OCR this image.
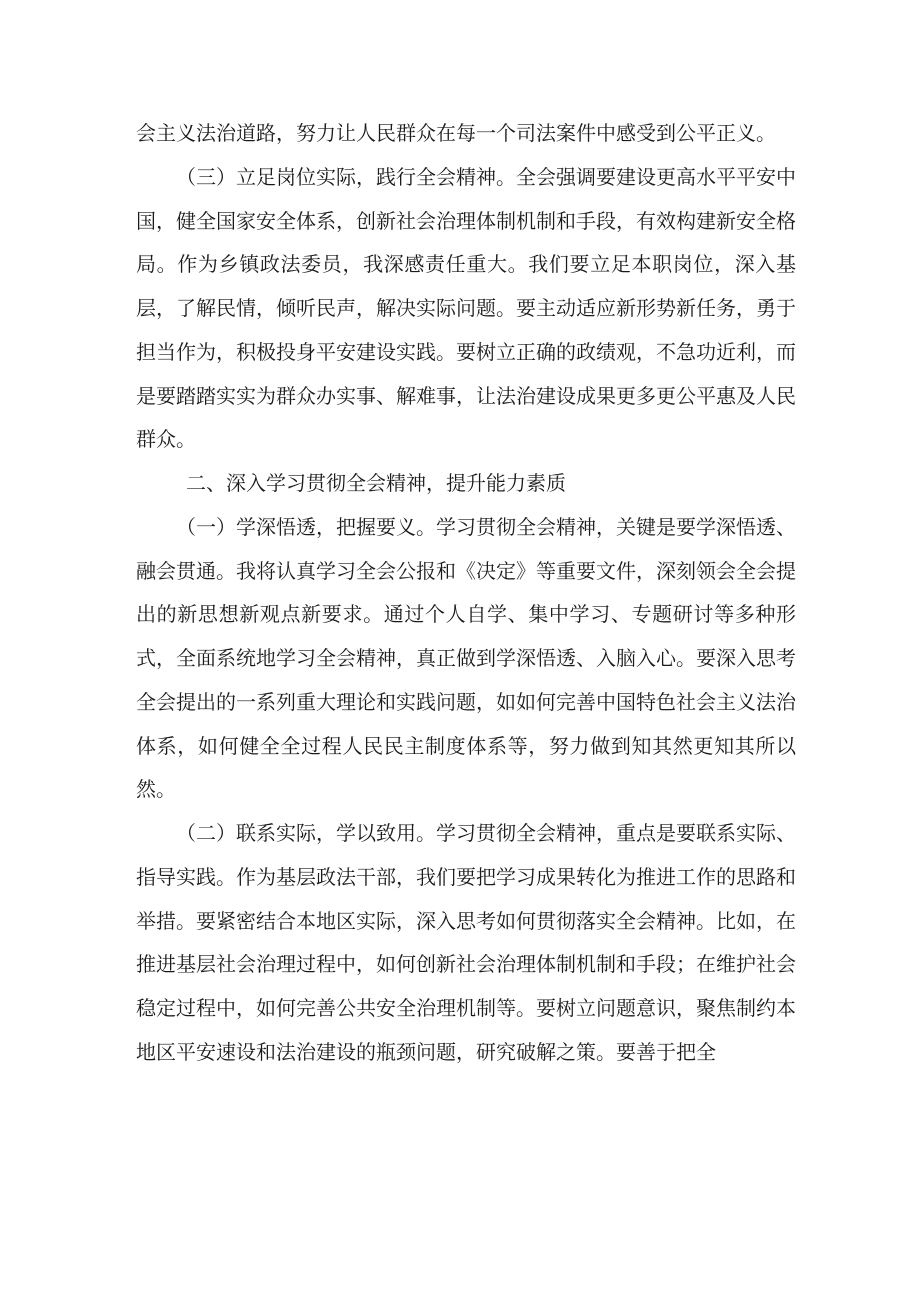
会主义法治道路，努力让人民群众在每一个司法案件中感受到公平正义。

（三）立足岗位实际，践行全会精神。全会强调要建设更高水平平安中国，健全国家安全体系，创新社会治理体制机制和手段，有效构建新安全格局。作为乡镇政法委员，我深感责任重大。我们要立足本职岗位，深入基层，了解民情，倾听民声，解决实际问题。要主动适应新形势新任务，勇于担当作为，积极投身平安建设实践。要树立正确的政绩观，不急功近利，而是要踏踏实实为群众办实事、解难事，让法治建设成果更多更公平惠及人民群众。

二、深入学习贯彻全会精神，提升能力素质

（一）学深悟透，把握要义。学习贯彻全会精神，关键是要学深悟透、融会贯通。我将认真学习全会公报和《决定》等重要文件，深刻领会全会提出的新思想新观点新要求。通过个人自学、集中学习、专题研讨等多种形式，全面系统地学习全会精神，真正做到学深悟透、入脑入心。要深入思考全会提出的一系列重大理论和实践问题，如如何完善中国特色社会主义法治体系，如何健全全过程人民民主制度体系等，努力做到知其然更知其所以然。

（二）联系实际，学以致用。学习贯彻全会精神，重点是要联系实际、指导实践。作为基层政法干部，我们要把学习成果转化为推进工作的思路和举措。要紧密结合本地区实际，深入思考如何贯彻落实全会精神。比如，在推进基层社会治理过程中，如何创新社会治理体制机制和手段；在维护社会稳定过程中，如何完善公共安全治理机制等。要树立问题意识，聚焦制约本地区平安速设和法治建设的瓶颈问题，研究破解之策。要善于把全
